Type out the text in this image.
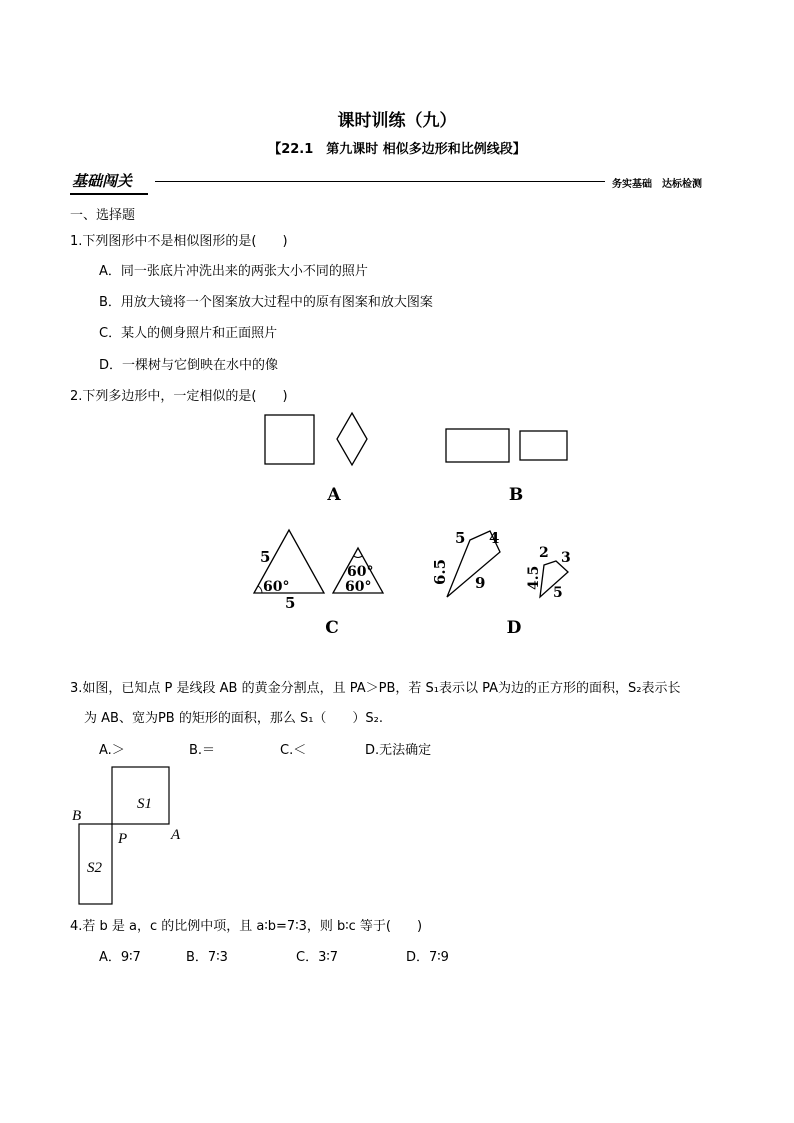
课时训练（九）
【22.1　第九课时 相似多边形和比例线段】
基础闯关	务实基础　达标检测
一、选择题
1.下列图形中不是相似图形的是(　　)
A．同一张底片冲洗出来的两张大小不同的照片
B．用放大镜将一个图案放大过程中的原有图案和放大图案
C．某人的侧身照片和正面照片
D．一棵树与它倒映在水中的像
2.下列多边形中，一定相似的是(　　)
A	B
5
60°
5
60°
60°
C
5 4
6.5 9
2 3
4.5
5
D
B
P	A
S1
S2
3.如图，已知点 P 是线段 AB 的黄金分割点，且 PA＞PB，若 S₁表示以 PA为边的正方形的面积，S₂表示长
为 AB、宽为PB 的矩形的面积，那么 S₁（　　）S₂.
A.＞	B.＝	C.＜	D.无法确定
4.若 b 是 a，c 的比例中项，且 a∶b=7∶3，则 b∶c 等于(　　)
A．9∶7	B．7∶3	C．3∶7	D．7∶9
